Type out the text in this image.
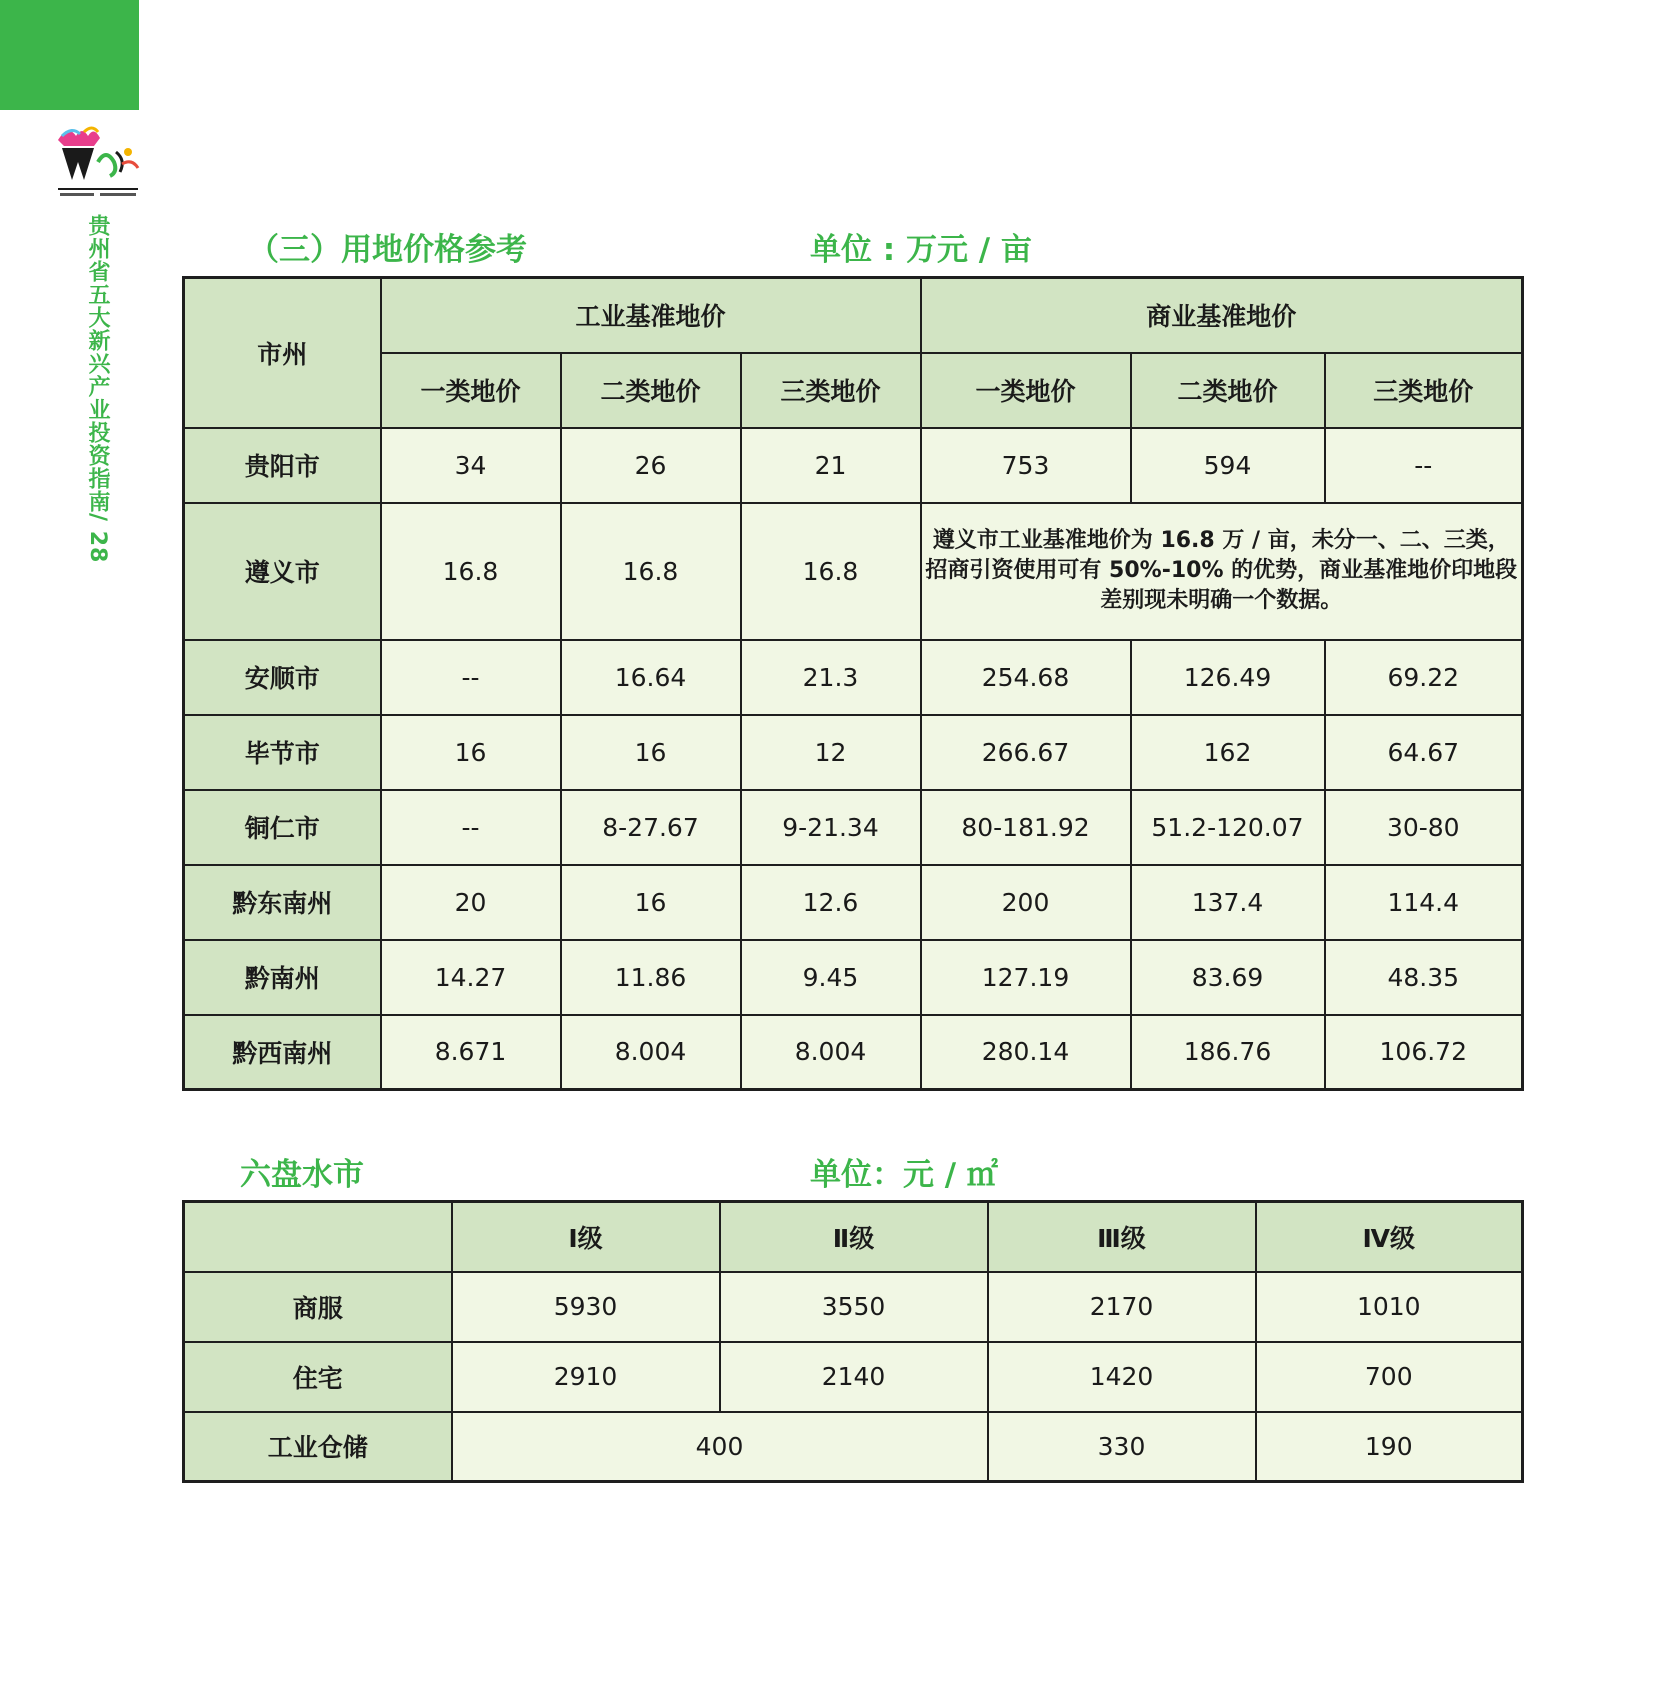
贵州省五大新兴产业投资指南/ 28
（三）用地价格参考	单位 : 万元 / 亩
市州	工业基准地价			商业基准地价		
	一类地价	二类地价	三类地价	一类地价	二类地价	三类地价
贵阳市	34	26	21	753	594	--
遵义市	16.8	16.8	16.8	遵义市工业基准地价为 16.8 万 / 亩，未分一、二、三类，招商引资使用可有 50%-10% 的优势，商业基准地价印地段差别现未明确一个数据。		
安顺市	--	16.64	21.3	254.68	126.49	69.22
毕节市	16	16	12	266.67	162	64.67
铜仁市	--	8-27.67	9-21.34	80-181.92	51.2-120.07	30-80
黔东南州	20	16	12.6	200	137.4	114.4
黔南州	14.27	11.86	9.45	127.19	83.69	48.35
黔西南州	8.671	8.004	8.004	280.14	186.76	106.72
六盘水市	单位：元 / ㎡
	Ⅰ级	Ⅱ级	Ⅲ级	Ⅳ级
商服	5930	3550	2170	1010
住宅	2910	2140	1420	700
工业仓储	400		330	190
